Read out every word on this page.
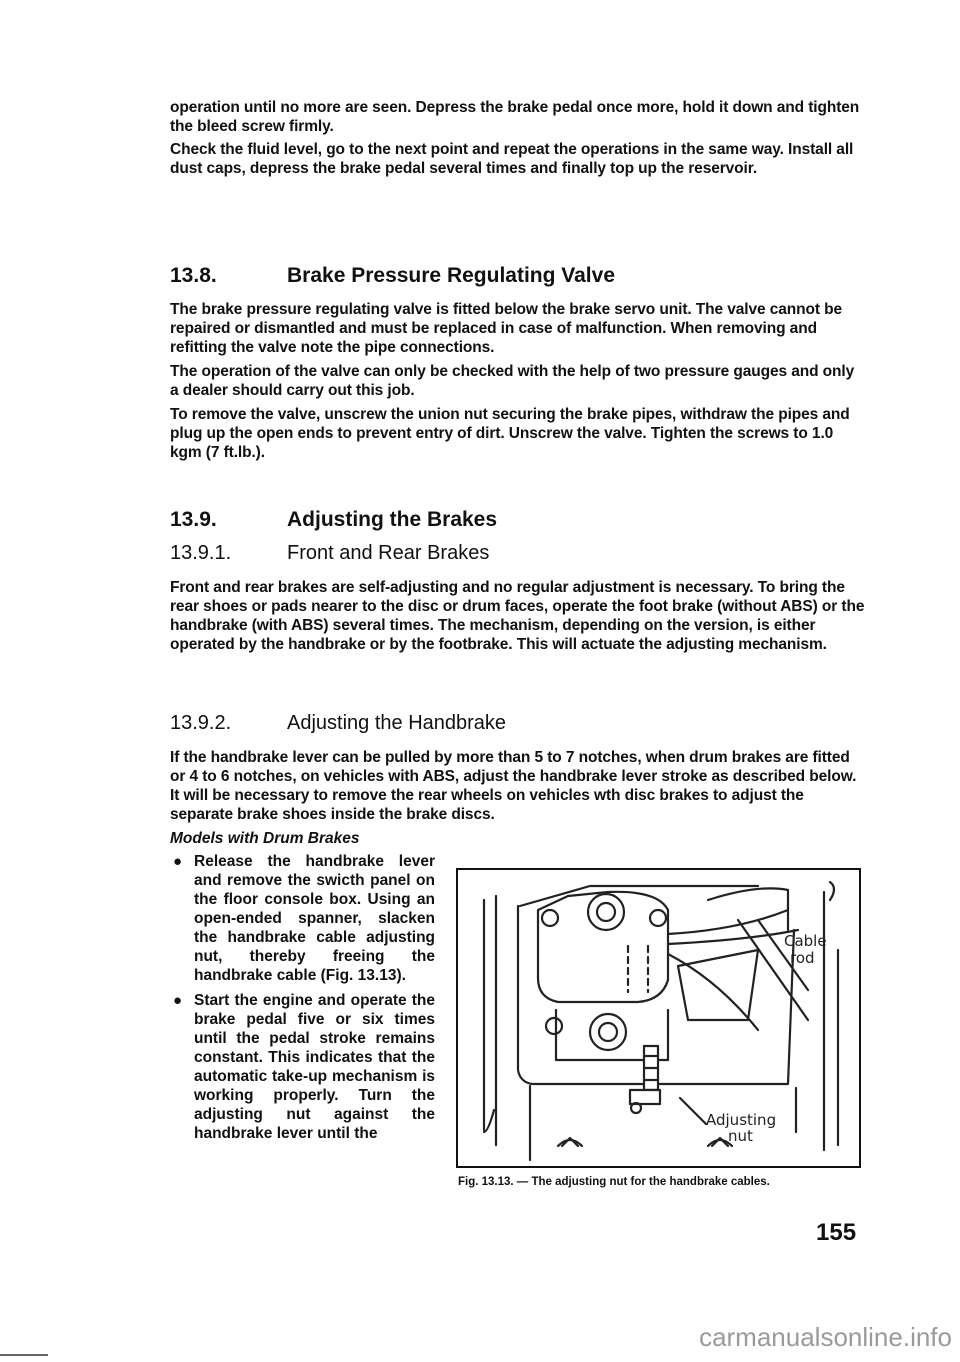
operation until no more are seen. Depress the brake pedal once more, hold it down and tighten the bleed screw firmly.

Check the fluid level, go to the next point and repeat the operations in the same way. Install all dust caps, depress the brake pedal several times and finally top up the reservoir.

13.8.	Brake Pressure Regulating Valve

The brake pressure regulating valve is fitted below the brake servo unit. The valve cannot be repaired or dismantled and must be replaced in case of malfunction. When removing and refitting the valve note the pipe connections.

The operation of the valve can only be checked with the help of two pressure gauges and only a dealer should carry out this job.

To remove the valve, unscrew the union nut securing the brake pipes, withdraw the pipes and plug up the open ends to prevent entry of dirt. Unscrew the valve. Tighten the screws to 1.0 kgm (7 ft.lb.).

13.9.	Adjusting the Brakes
13.9.1.	Front and Rear Brakes

Front and rear brakes are self-adjusting and no regular adjustment is necessary. To bring the rear shoes or pads nearer to the disc or drum faces, operate the foot brake (without ABS) or the handbrake (with ABS) several times. The mechanism, depending on the version, is either operated by the handbrake or by the footbrake. This will actuate the adjusting mechanism.

13.9.2.	Adjusting the Handbrake

If the handbrake lever can be pulled by more than 5 to 7 notches, when drum brakes are fitted or 4 to 6 notches, on vehicles with ABS, adjust the handbrake lever stroke as described below. It will be necessary to remove the rear wheels on vehicles wth disc brakes to adjust the separate brake shoes inside the brake discs.

Models with Drum Brakes

● Release the handbrake lever and remove the swicth panel on the floor console box. Using an open-ended spanner, slacken the handbrake cable adjusting nut, thereby freeing the handbrake cable (Fig. 13.13).
● Start the engine and operate the brake pedal five or six times until the pedal stroke remains constant. This indicates that the automatic take-up mechanism is working properly. Turn the adjusting nut against the handbrake lever until the
Cable
rod
Adjusting
nut

Fig. 13.13. — The adjusting nut for the handbrake cables.

155

carmanualsonline.info
